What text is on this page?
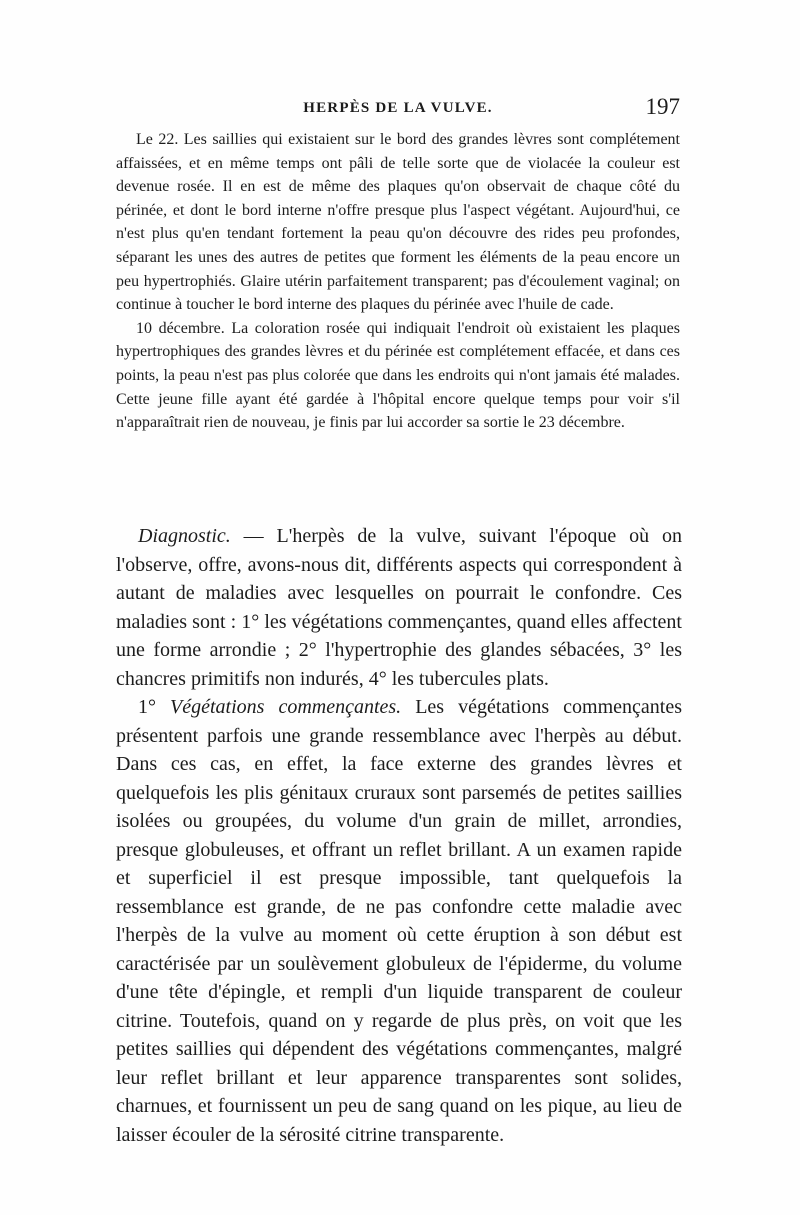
HERPÈS DE LA VULVE.	197

Le 22. Les saillies qui existaient sur le bord des grandes lèvres sont complétement affaissées, et en même temps ont pâli de telle sorte que de violacée la couleur est devenue rosée. Il en est de même des plaques qu'on observait de chaque côté du périnée, et dont le bord interne n'offre presque plus l'aspect végétant. Aujourd'hui, ce n'est plus qu'en tendant fortement la peau qu'on découvre des rides peu profondes, séparant les unes des autres de petites que forment les éléments de la peau encore un peu hypertrophiés. Glaire utérin parfaitement transparent; pas d'écoulement vaginal; on continue à toucher le bord interne des plaques du périnée avec l'huile de cade.

10 décembre. La coloration rosée qui indiquait l'endroit où existaient les plaques hypertrophiques des grandes lèvres et du périnée est complétement effacée, et dans ces points, la peau n'est pas plus colorée que dans les endroits qui n'ont jamais été malades. Cette jeune fille ayant été gardée à l'hôpital encore quelque temps pour voir s'il n'apparaîtrait rien de nouveau, je finis par lui accorder sa sortie le 23 décembre.

Diagnostic. — L'herpès de la vulve, suivant l'époque où on l'observe, offre, avons-nous dit, différents aspects qui correspondent à autant de maladies avec lesquelles on pourrait le confondre. Ces maladies sont : 1° les végétations commençantes, quand elles affectent une forme arrondie ; 2° l'hypertrophie des glandes sébacées, 3° les chancres primitifs non indurés, 4° les tubercules plats.

1° Végétations commençantes. Les végétations commençantes présentent parfois une grande ressemblance avec l'herpès au début. Dans ces cas, en effet, la face externe des grandes lèvres et quelquefois les plis génitaux cruraux sont parsemés de petites saillies isolées ou groupées, du volume d'un grain de millet, arrondies, presque globuleuses, et offrant un reflet brillant. A un examen rapide et superficiel il est presque impossible, tant quelquefois la ressemblance est grande, de ne pas confondre cette maladie avec l'herpès de la vulve au moment où cette éruption à son début est caractérisée par un soulèvement globuleux de l'épiderme, du volume d'une tête d'épingle, et rempli d'un liquide transparent de couleur citrine. Toutefois, quand on y regarde de plus près, on voit que les petites saillies qui dépendent des végétations commençantes, malgré leur reflet brillant et leur apparence transparentes sont solides, charnues, et fournissent un peu de sang quand on les pique, au lieu de laisser écouler de la sérosité citrine transparente.
